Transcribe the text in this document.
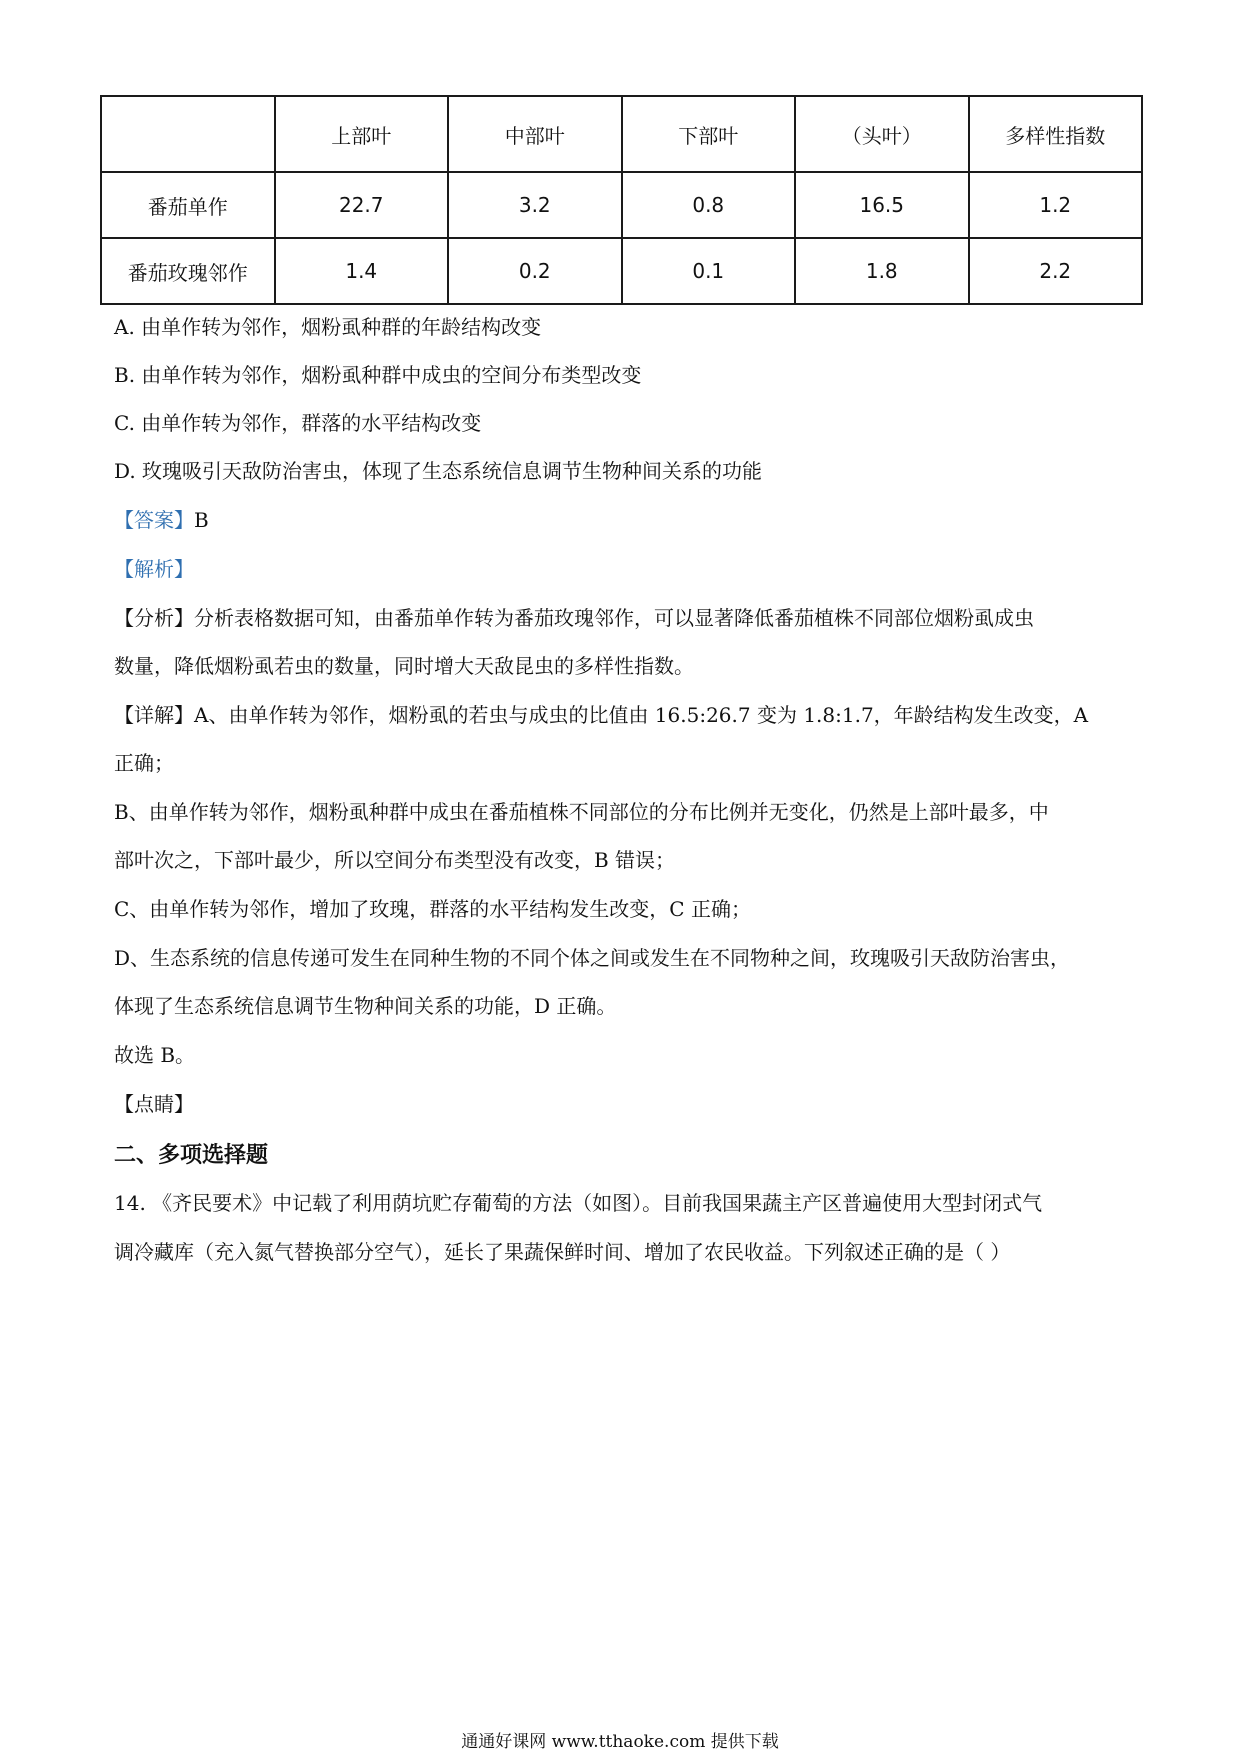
	上部叶	中部叶	下部叶	（头叶）	多样性指数
番茄单作	22.7	3.2	0.8	16.5	1.2
番茄玫瑰邻作	1.4	0.2	0.1	1.8	2.2
A. 由单作转为邻作，烟粉虱种群的年龄结构改变
B. 由单作转为邻作，烟粉虱种群中成虫的空间分布类型改变
C. 由单作转为邻作，群落的水平结构改变
D. 玫瑰吸引天敌防治害虫，体现了生态系统信息调节生物种间关系的功能
【答案】B
【解析】
【分析】分析表格数据可知，由番茄单作转为番茄玫瑰邻作，可以显著降低番茄植株不同部位烟粉虱成虫
数量，降低烟粉虱若虫的数量，同时增大天敌昆虫的多样性指数。
【详解】A、由单作转为邻作，烟粉虱的若虫与成虫的比值由 16.5:26.7 变为 1.8:1.7，年龄结构发生改变，A
正确；
B、由单作转为邻作，烟粉虱种群中成虫在番茄植株不同部位的分布比例并无变化，仍然是上部叶最多，中
部叶次之，下部叶最少，所以空间分布类型没有改变，B 错误；
C、由单作转为邻作，增加了玫瑰，群落的水平结构发生改变，C 正确；
D、生态系统的信息传递可发生在同种生物的不同个体之间或发生在不同物种之间，玫瑰吸引天敌防治害虫，
体现了生态系统信息调节生物种间关系的功能，D 正确。
故选 B。
【点睛】
二、多项选择题
14. 《齐民要术》中记载了利用荫坑贮存葡萄的方法（如图）。目前我国果蔬主产区普遍使用大型封闭式气
调冷藏库（充入氮气替换部分空气），延长了果蔬保鲜时间、增加了农民收益。下列叙述正确的是（ ）
通通好课网 www.tthaoke.com 提供下载
